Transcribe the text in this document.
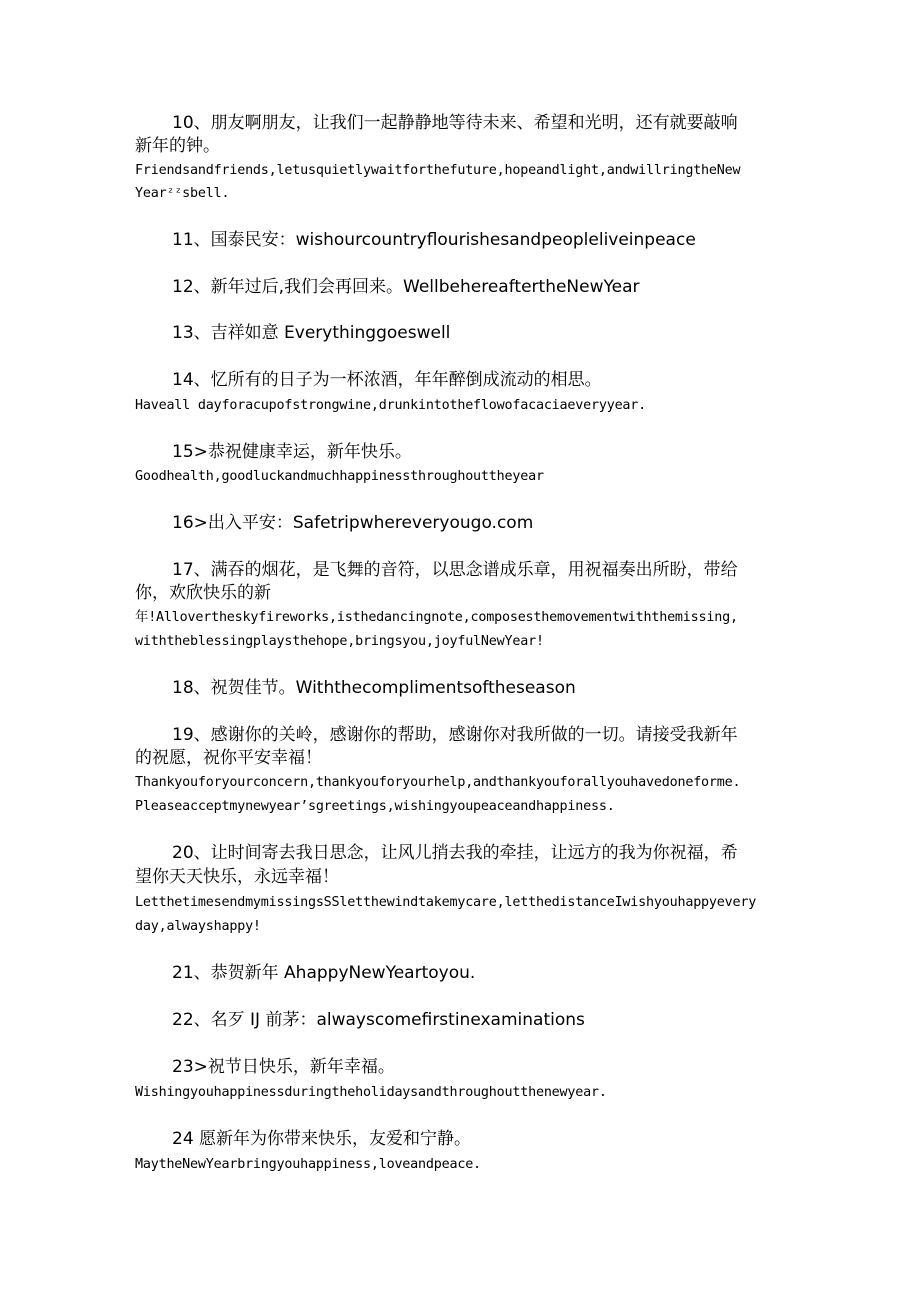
10、朋友啊朋友，让我们一起静静地等待未来、希望和光明，还有就要敲响
新年的钟。
Friendsandfriends,letusquietlywaitforthefuture,hopeandlight,andwillringtheNew
Yearᶻᶻsbell.
11、国泰民安：wishourcountryflourishesandpeopleliveinpeace
12、新年过后,我们会再回来。WellbehereaftertheNewYear
13、吉祥如意 Everythinggoeswell
14、忆所有的日子为一杯浓酒，年年醉倒成流动的相思。
Haveall dayforacupofstrongwine,drunkintotheflowofacaciaeveryyear.
15>恭祝健康幸运，新年快乐。
Goodhealth,goodluckandmuchhappinessthroughouttheyear
16>出入平安：Safetripwhereveryougo.com
17、满吞的烟花，是飞舞的音符，以思念谱成乐章，用祝福奏出所盼，带给
你，欢欣快乐的新
年!Allovertheskyfireworks,isthedancingnote,composesthemovementwiththemissing,
withtheblessingplaysthehope,bringsyou,joyfulNewYear!
18、祝贺佳节。Withthecomplimentsoftheseason
19、感谢你的关岭，感谢你的帮助，感谢你对我所做的一切。请接受我新年
的祝愿，祝你平安幸福！
Thankyouforyourconcern,thankyouforyourhelp,andthankyouforallyouhavedoneforme.
Pleaseacceptmynewyear’sgreetings,wishingyoupeaceandhappiness.
20、让时间寄去我日思念，让风儿捎去我的牵挂，让远方的我为你祝福，希
望你天天快乐，永远幸福！
LetthetimesendmymissingsSSletthewindtakemycare,letthedistanceIwishyouhappyevery
day,alwayshappy!
21、恭贺新年 AhappyNewYeartoyou.
22、名歹 IJ 前茅：alwayscomefirstinexaminations
23>祝节日快乐，新年幸福。
Wishingyouhappinessduringtheholidaysandthroughoutthenewyear.
24 愿新年为你带来快乐，友爱和宁静。
MaytheNewYearbringyouhappiness,loveandpeace.
